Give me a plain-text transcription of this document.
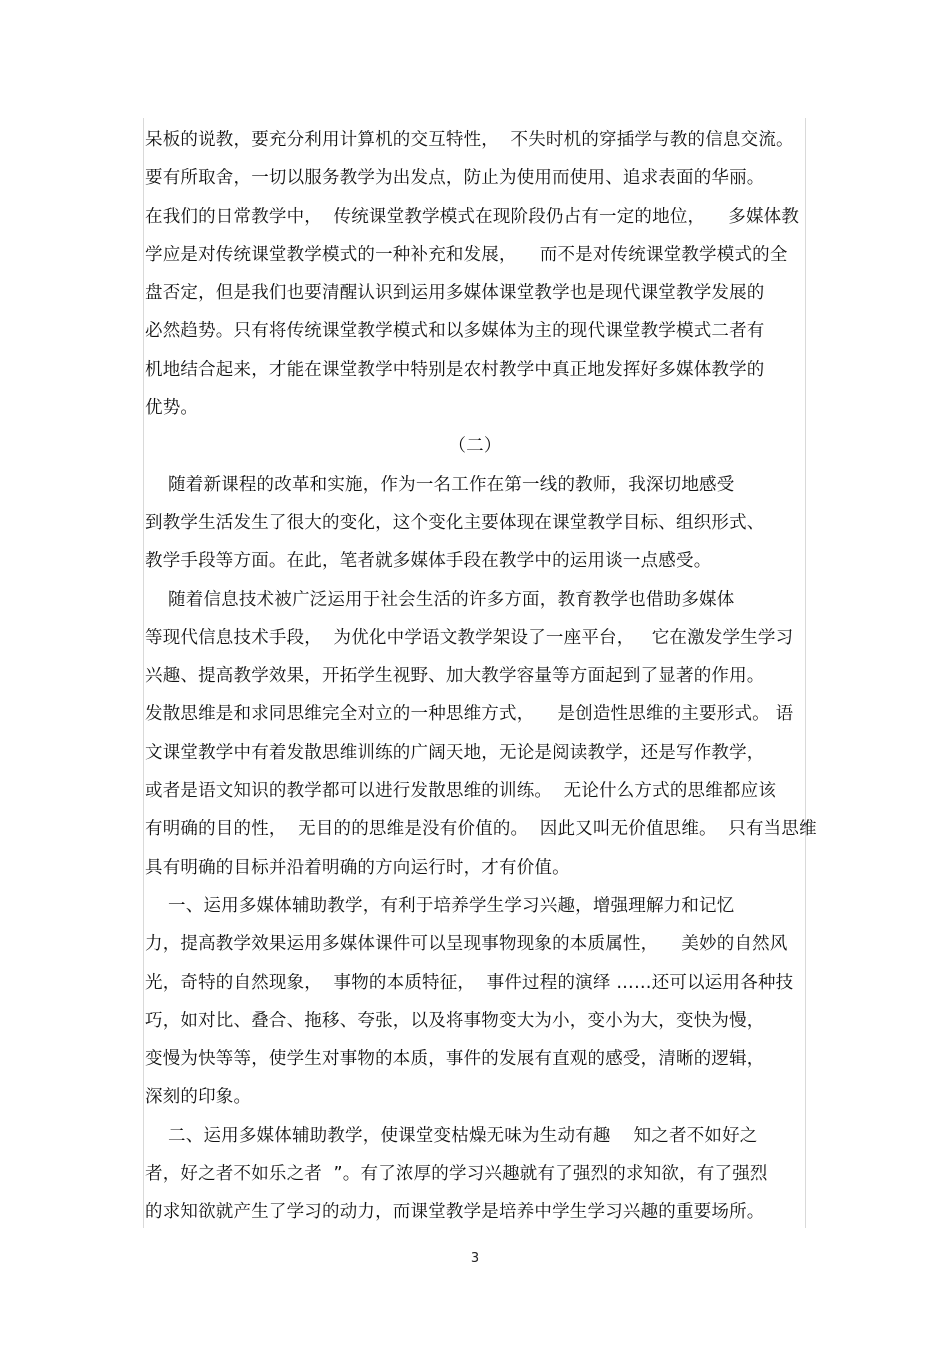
呆板的说教，要充分利用计算机的交互特性，  不失时机的穿插学与教的信息交流。
要有所取舍，一切以服务教学为出发点，防止为使用而使用、追求表面的华丽。
在我们的日常教学中，  传统课堂教学模式在现阶段仍占有一定的地位，    多媒体教
学应是对传统课堂教学模式的一种补充和发展，    而不是对传统课堂教学模式的全
盘否定，但是我们也要清醒认识到运用多媒体课堂教学也是现代课堂教学发展的
必然趋势。只有将传统课堂教学模式和以多媒体为主的现代课堂教学模式二者有
机地结合起来，才能在课堂教学中特别是农村教学中真正地发挥好多媒体教学的
优势。
（二）
随着新课程的改革和实施，作为一名工作在第一线的教师，我深切地感受
到教学生活发生了很大的变化，这个变化主要体现在课堂教学目标、组织形式、
教学手段等方面。在此，笔者就多媒体手段在教学中的运用谈一点感受。
随着信息技术被广泛运用于社会生活的许多方面，教育教学也借助多媒体
等现代信息技术手段，  为优化中学语文教学架设了一座平台，   它在激发学生学习
兴趣、提高教学效果，开拓学生视野、加大教学容量等方面起到了显著的作用。
发散思维是和求同思维完全对立的一种思维方式，    是创造性思维的主要形式。 语
文课堂教学中有着发散思维训练的广阔天地，无论是阅读教学，还是写作教学，
或者是语文知识的教学都可以进行发散思维的训练。  无论什么方式的思维都应该
有明确的目的性，  无目的的思维是没有价值的。  因此又叫无价值思维。  只有当思维
具有明确的目标并沿着明确的方向运行时，才有价值。
一、运用多媒体辅助教学，有利于培养学生学习兴趣，增强理解力和记忆
力，提高教学效果运用多媒体课件可以呈现事物现象的本质属性，    美妙的自然风
光，奇特的自然现象，  事物的本质特征，  事件过程的演绎 ……还可以运用各种技
巧，如对比、叠合、拖移、夸张，以及将事物变大为小，变小为大，变快为慢，
变慢为快等等，使学生对事物的本质，事件的发展有直观的感受，清晰的逻辑，
深刻的印象。
二、运用多媒体辅助教学，使课堂变枯燥无味为生动有趣    知之者不如好之
者，好之者不如乐之者  ”。有了浓厚的学习兴趣就有了强烈的求知欲，有了强烈
的求知欲就产生了学习的动力，而课堂教学是培养中学生学习兴趣的重要场所。
3
